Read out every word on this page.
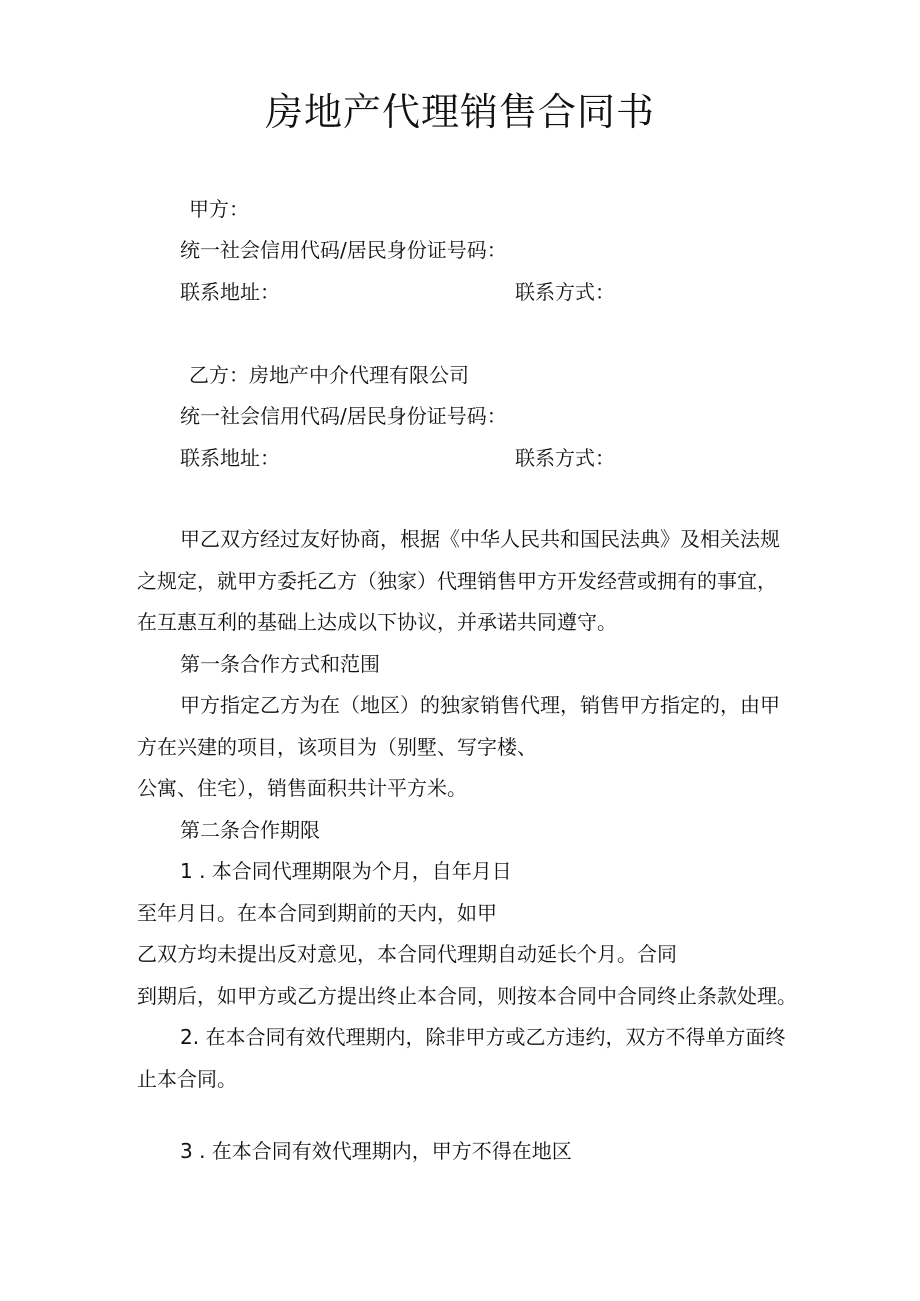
房地产代理销售合同书

甲方：

统一社会信用代码/居民身份证号码：

联系地址：	联系方式：

乙方：房地产中介代理有限公司

统一社会信用代码/居民身份证号码：

联系地址：	联系方式：

甲乙双方经过友好协商，根据《中华人民共和国民法典》及相关法规

之规定，就甲方委托乙方（独家）代理销售甲方开发经营或拥有的事宜，

在互惠互利的基础上达成以下协议，并承诺共同遵守。

第一条合作方式和范围

甲方指定乙方为在（地区）的独家销售代理，销售甲方指定的，由甲

方在兴建的项目，该项目为（别墅、写字楼、

公寓、住宅），销售面积共计平方米。

第二条合作期限

1 . 本合同代理期限为个月，自年月日

至年月日。在本合同到期前的天内，如甲

乙双方均未提出反对意见，本合同代理期自动延长个月。合同

到期后，如甲方或乙方提出终止本合同，则按本合同中合同终止条款处理。

2. 在本合同有效代理期内，除非甲方或乙方违约，双方不得单方面终

止本合同。

3 . 在本合同有效代理期内，甲方不得在地区
